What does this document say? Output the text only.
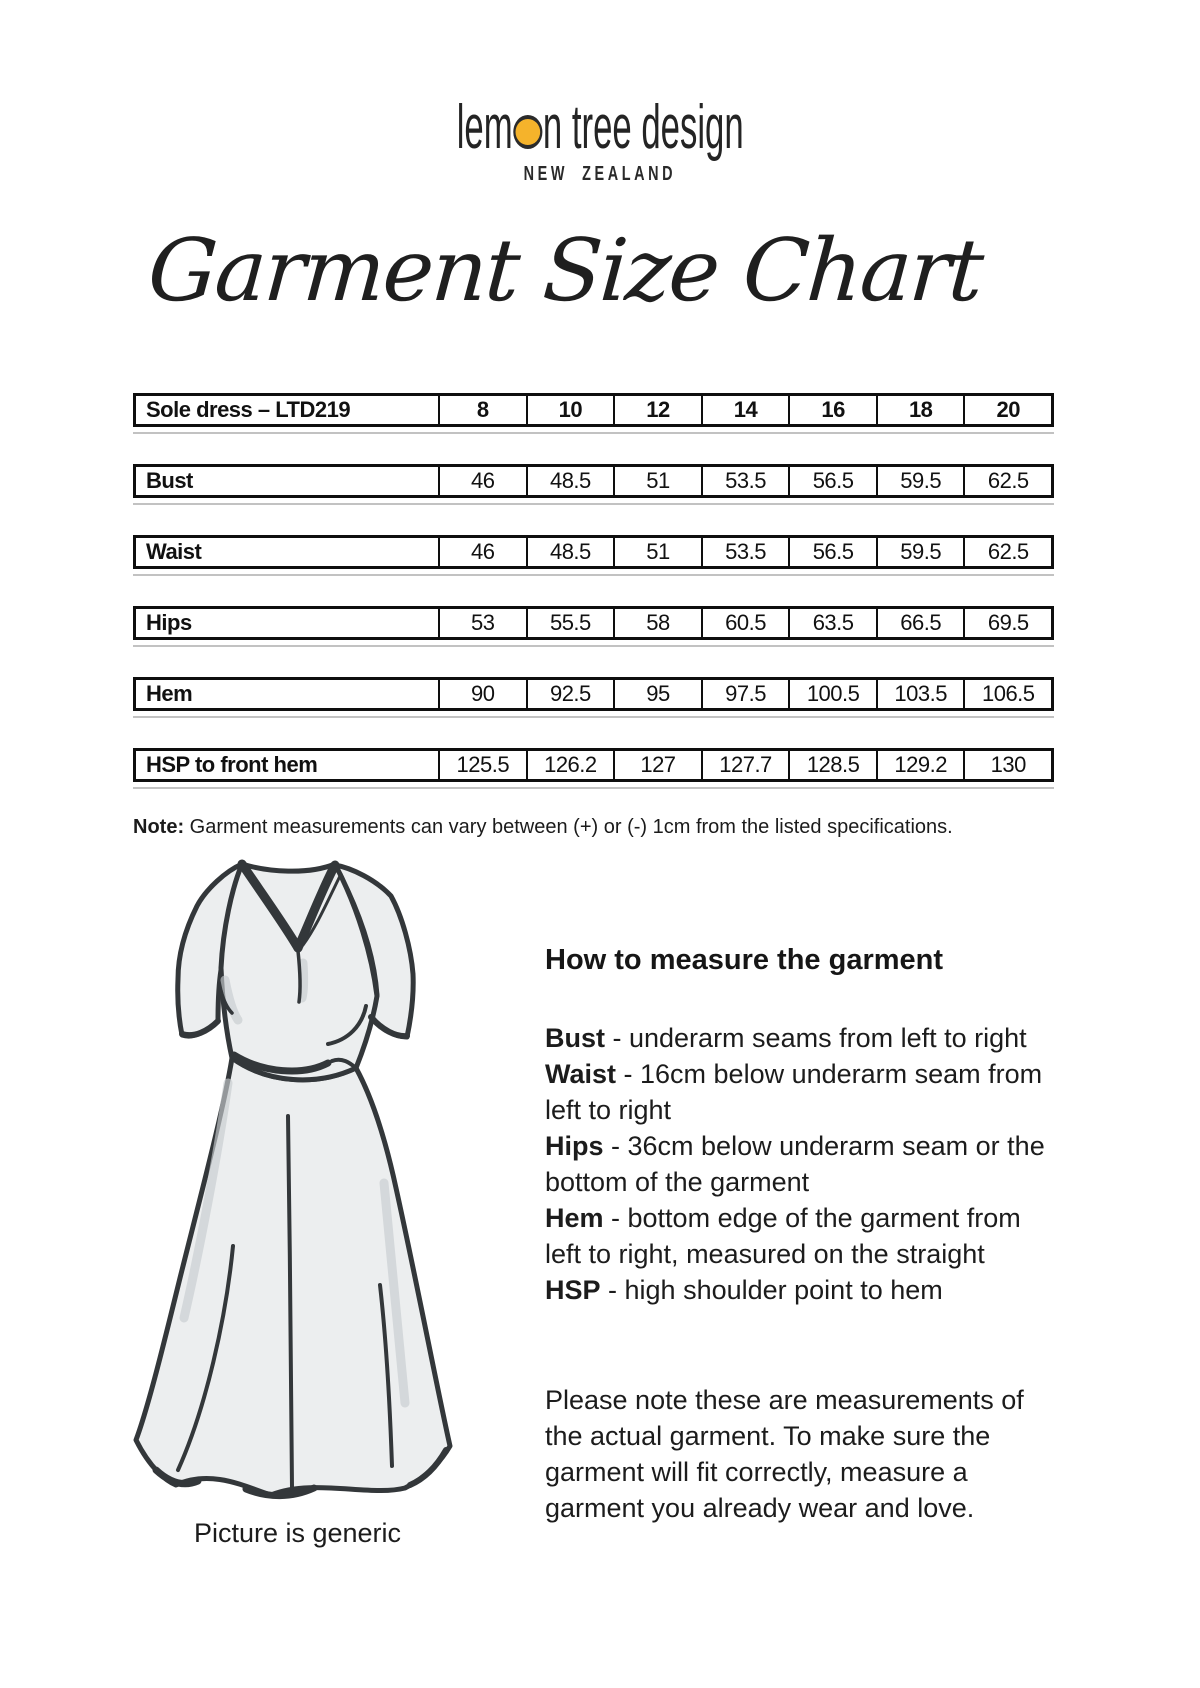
lem n tree design
NEW ZEALAND
Garment Size Chart
Sole dress – LTD219	8	10	12	14	16	18	20
Bust	46	48.5	51	53.5	56.5	59.5	62.5
Waist	46	48.5	51	53.5	56.5	59.5	62.5
Hips	53	55.5	58	60.5	63.5	66.5	69.5
Hem	90	92.5	95	97.5	100.5	103.5	106.5
HSP to front hem	125.5	126.2	127	127.7	128.5	129.2	130
Note: Garment measurements can vary between (+) or (-) 1cm from the listed specifications.
Picture is generic
How to measure the garment
Bust - underarm seams from left to right
Waist - 16cm below underarm seam from left to right
Hips - 36cm below underarm seam or the bottom of the garment
Hem - bottom edge of the garment from left to right, measured on the straight
HSP - high shoulder point to hem

Please note these are measurements of the actual garment. To make sure the garment will fit correctly, measure a garment you already wear and love.
